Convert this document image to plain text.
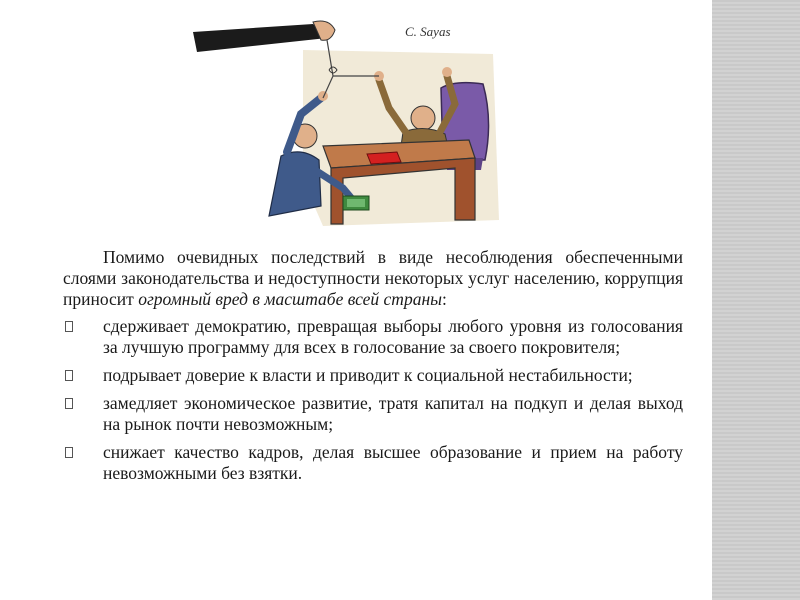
C. Sayas

Помимо очевидных последствий в виде несоблюдения обеспеченными слоями законодательства и недоступности некоторых услуг населению, коррупция приносит огромный вред в масштабе всей страны:

сдерживает демократию, превращая выборы любого уровня из голосования за лучшую программу для всех в голосование за своего покровителя;
подрывает доверие к власти и приводит к социальной нестабильности;
замедляет экономическое развитие, тратя капитал на подкуп и делая выход на рынок почти невозможным;
снижает качество кадров, делая высшее образование и прием на работу невозможными без взятки.
